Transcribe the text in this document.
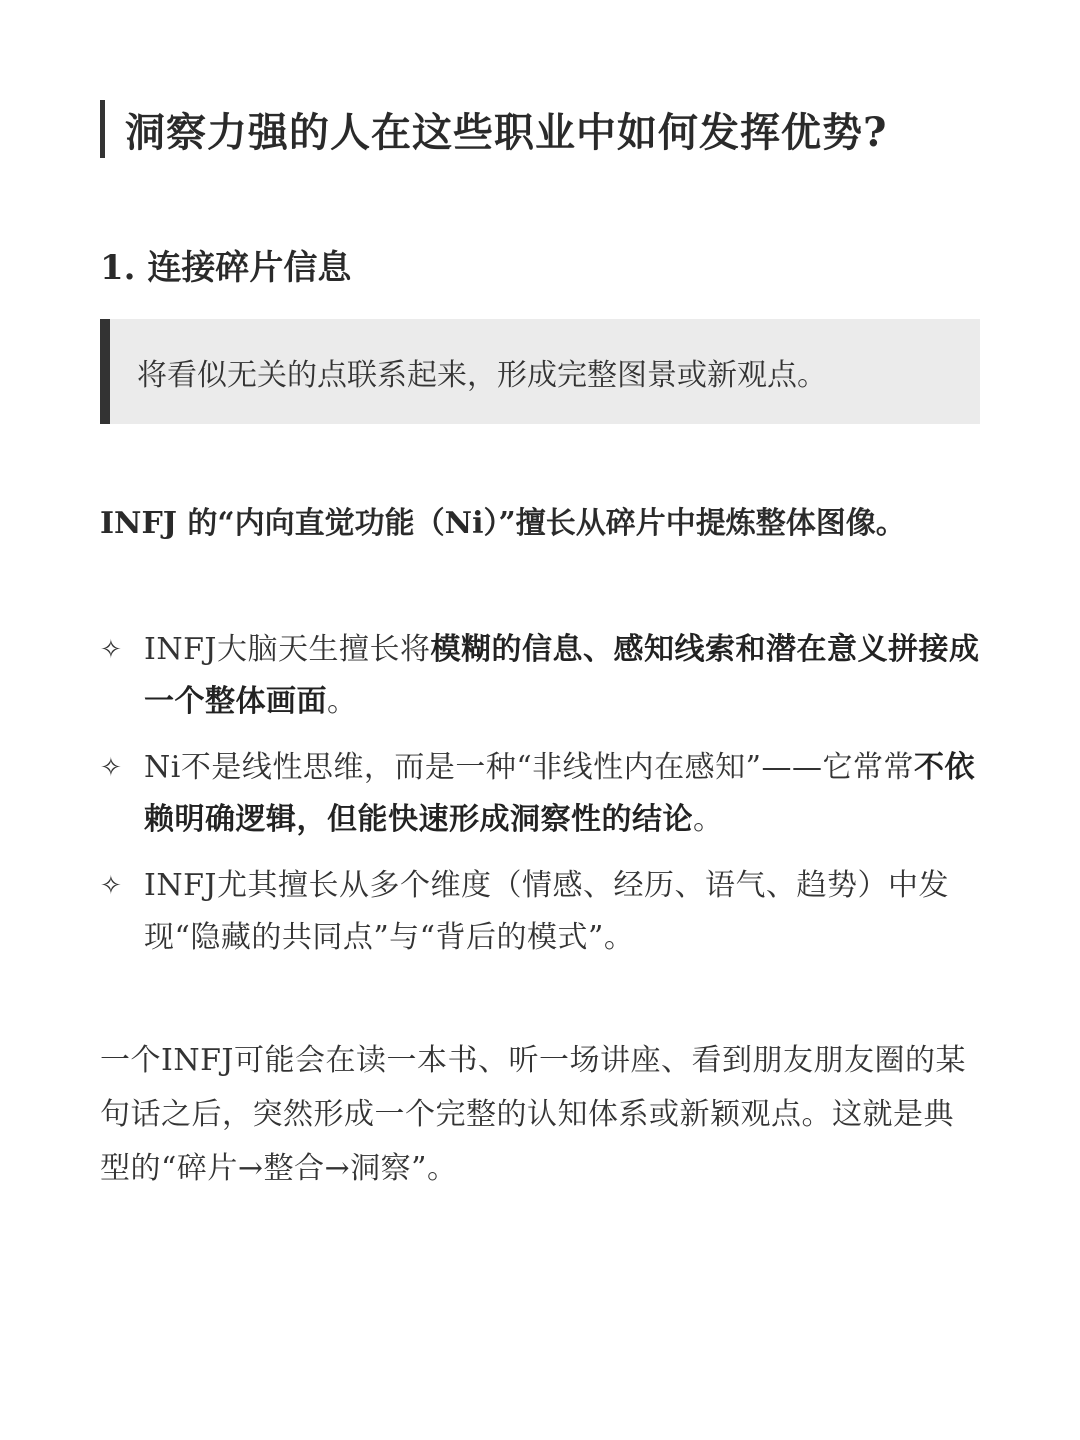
洞察力强的人在这些职业中如何发挥优势?
1. 连接碎片信息
将看似无关的点联系起来，形成完整图景或新观点。
INFJ 的“内向直觉功能（Ni）”擅长从碎片中提炼整体图像。
✧ INFJ大脑天生擅长将模糊的信息、感知线索和潜在意义拼接成一个整体画面。
✧ Ni不是线性思维，而是一种“非线性内在感知”——它常常不依赖明确逻辑，但能快速形成洞察性的结论。
✧ INFJ尤其擅长从多个维度（情感、经历、语气、趋势）中发现“隐藏的共同点”与“背后的模式”。
一个INFJ可能会在读一本书、听一场讲座、看到朋友朋友圈的某句话之后，突然形成一个完整的认知体系或新颖观点。这就是典型的“碎片→整合→洞察”。
